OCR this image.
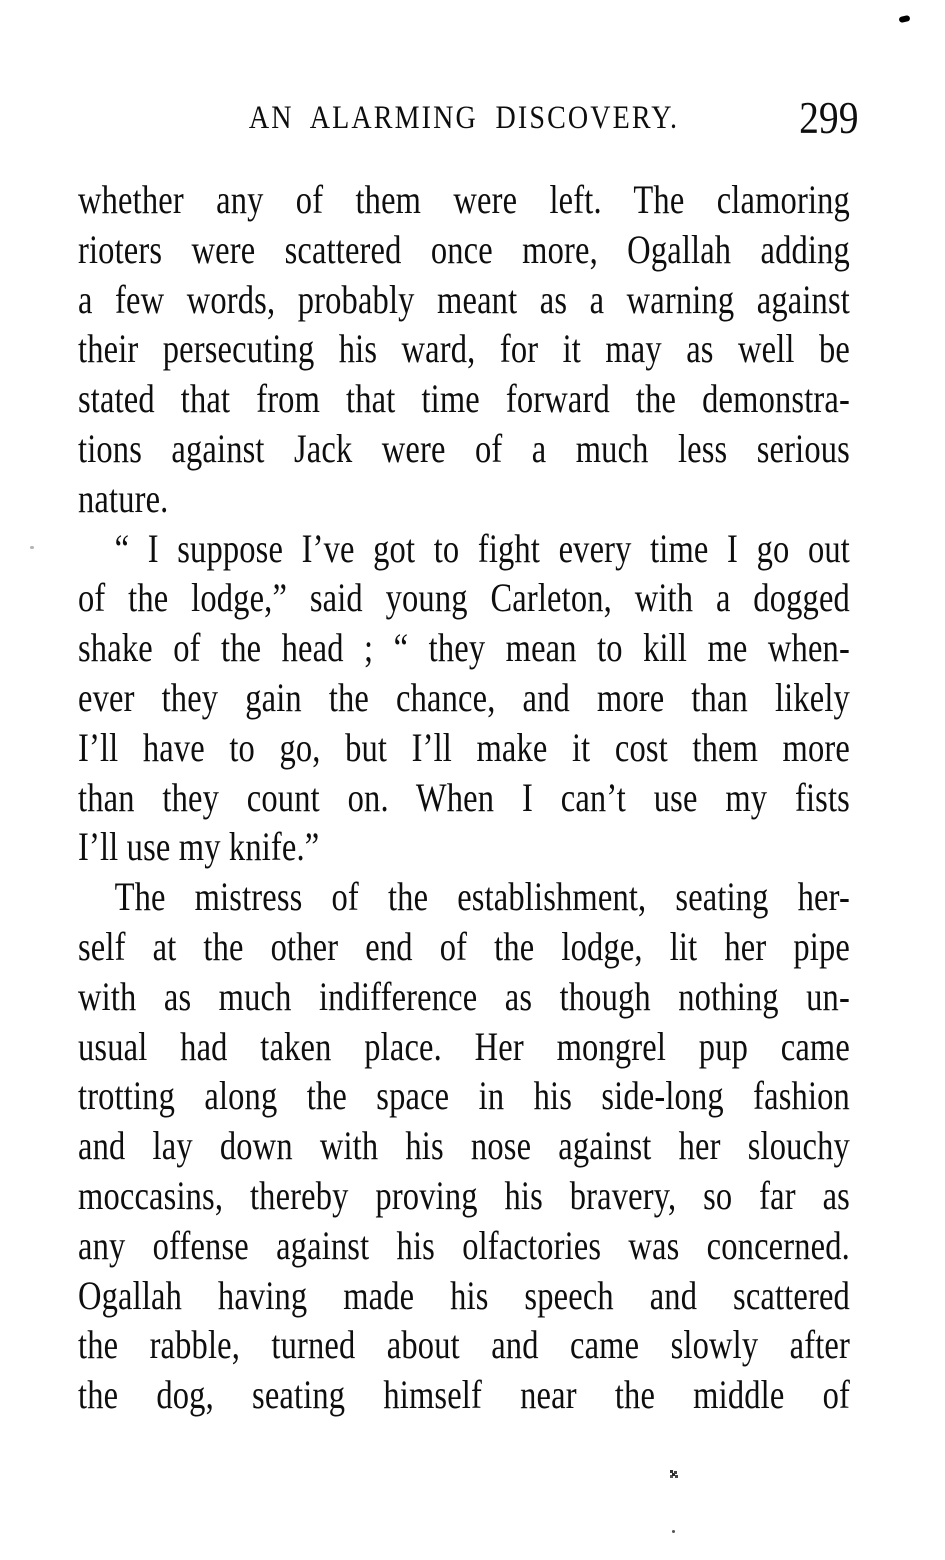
AN ALARMING DISCOVERY.	299
whether any of them were left. The clamoring
rioters were scattered once more, Ogallah adding
a few words, probably meant as a warning against
their persecuting his ward, for it may as well be
stated that from that time forward the demonstra-
tions against Jack were of a much less serious
nature.
“ I suppose I’ve got to fight every time I go out
of the lodge,” said young Carleton, with a dogged
shake of the head ; “ they mean to kill me when-
ever they gain the chance, and more than likely
I’ll have to go, but I’ll make it cost them more
than they count on. When I can’t use my fists
I’ll use my knife.”
The mistress of the establishment, seating her-
self at the other end of the lodge, lit her pipe
with as much indifference as though nothing un-
usual had taken place. Her mongrel pup came
trotting along the space in his side-long fashion
and lay down with his nose against her slouchy
moccasins, thereby proving his bravery, so far as
any offense against his olfactories was concerned.
Ogallah having made his speech and scattered
the rabble, turned about and came slowly after
the dog, seating himself near the middle of
